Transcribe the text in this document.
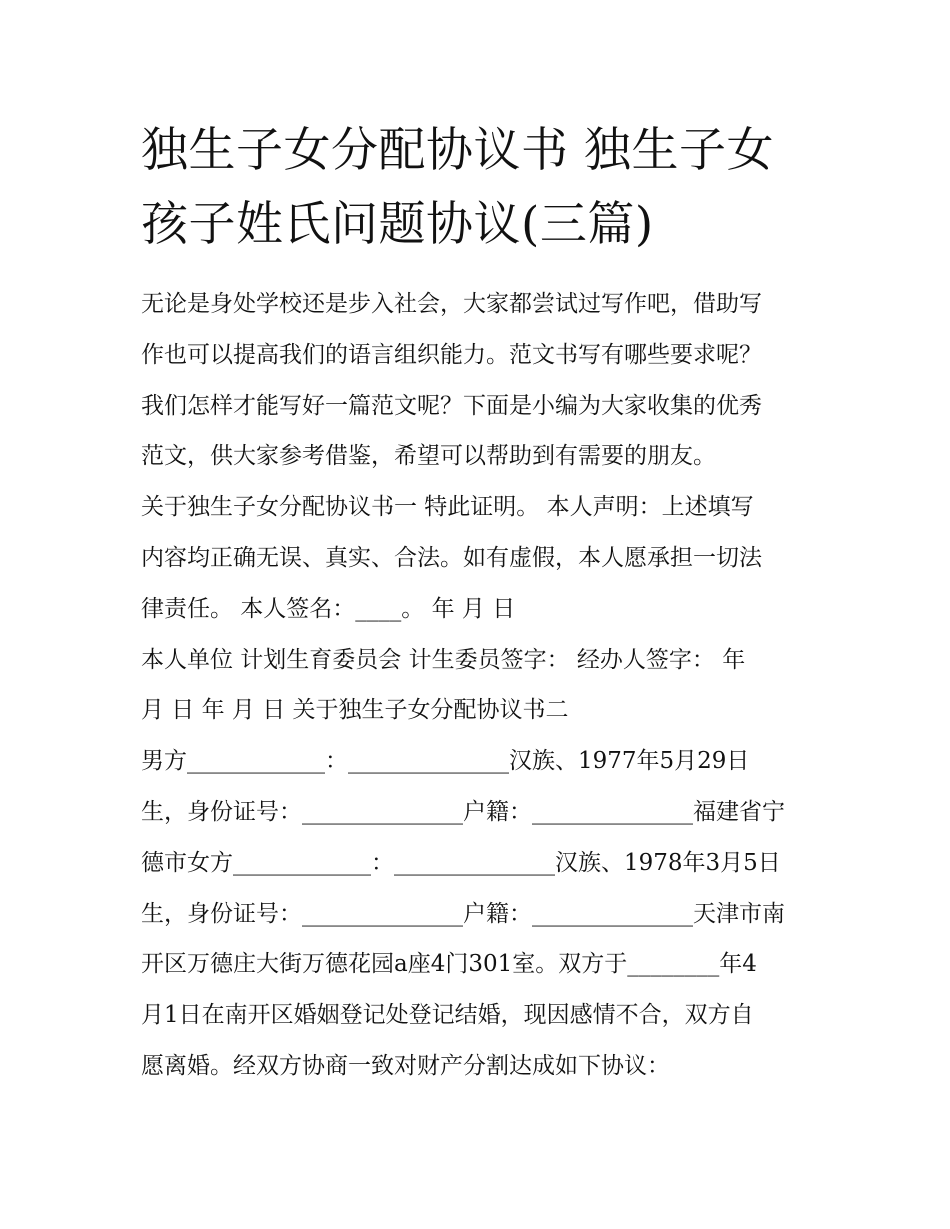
独生子女分配协议书 独生子女
孩子姓氏问题协议(三篇)
无论是身处学校还是步入社会，大家都尝试过写作吧，借助写
作也可以提高我们的语言组织能力。范文书写有哪些要求呢？
我们怎样才能写好一篇范文呢？下面是小编为大家收集的优秀
范文，供大家参考借鉴，希望可以帮助到有需要的朋友。
关于独生子女分配协议书一 特此证明。 本人声明：上述填写
内容均正确无误、真实、合法。如有虚假，本人愿承担一切法
律责任。 本人签名：____。 年 月 日
本人单位 计划生育委员会 计生委员签字： 经办人签字： 年
月 日 年 月 日 关于独生子女分配协议书二
男方____________：______________汉族、1977年5月29日
生，身份证号：______________户籍：______________福建省宁
德市女方____________：______________汉族、1978年3月5日
生，身份证号：______________户籍：______________天津市南
开区万德庄大街万德花园a座4门301室。双方于________年4
月1日在南开区婚姻登记处登记结婚，现因感情不合，双方自
愿离婚。经双方协商一致对财产分割达成如下协议：
